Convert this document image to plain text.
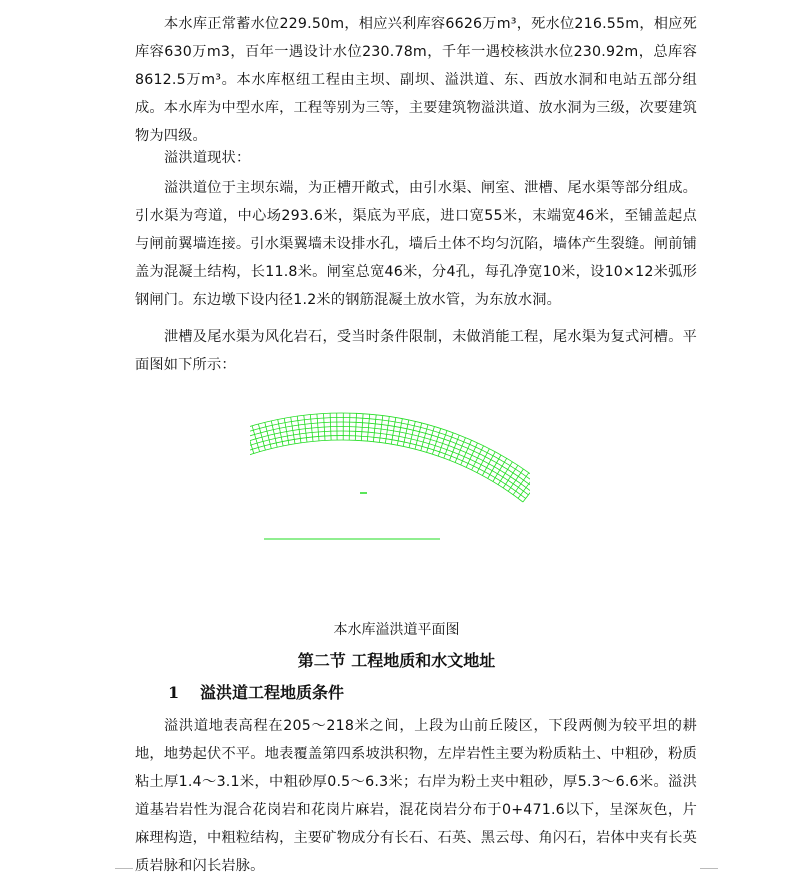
本水库正常蓄水位229.50m，相应兴利库容6626万m³，死水位216.55m，相应死库容630万m3，百年一遇设计水位230.78m，千年一遇校核洪水位230.92m，总库容8612.5万m³。本水库枢纽工程由主坝、副坝、溢洪道、东、西放水洞和电站五部分组成。本水库为中型水库，工程等别为三等，主要建筑物溢洪道、放水洞为三级，次要建筑物为四级。

溢洪道现状：

溢洪道位于主坝东端，为正槽开敞式，由引水渠、闸室、泄槽、尾水渠等部分组成。引水渠为弯道，中心场293.6米，渠底为平底，进口宽55米，末端宽46米，至铺盖起点与闸前翼墙连接。引水渠翼墙未设排水孔，墙后土体不均匀沉陷，墙体产生裂缝。闸前铺盖为混凝土结构，长11.8米。闸室总宽46米，分4孔，每孔净宽10米，设10×12米弧形钢闸门。东边墩下设内径1.2米的钢筋混凝土放水管，为东放水洞。

泄槽及尾水渠为风化岩石，受当时条件限制，未做消能工程，尾水渠为复式河槽。平面图如下所示：

本水库溢洪道平面图
第二节 工程地质和水文地址
1 溢洪道工程地质条件

溢洪道地表高程在205～218米之间，上段为山前丘陵区，下段两侧为较平坦的耕地，地势起伏不平。地表覆盖第四系坡洪积物，左岸岩性主要为粉质粘土、中粗砂，粉质粘土厚1.4～3.1米，中粗砂厚0.5～6.3米；右岸为粉土夹中粗砂，厚5.3～6.6米。溢洪道基岩岩性为混合花岗岩和花岗片麻岩，混花岗岩分布于0+471.6以下，呈深灰色，片麻理构造，中粗粒结构，主要矿物成分有长石、石英、黑云母、角闪石，岩体中夹有长英质岩脉和闪长岩脉。
